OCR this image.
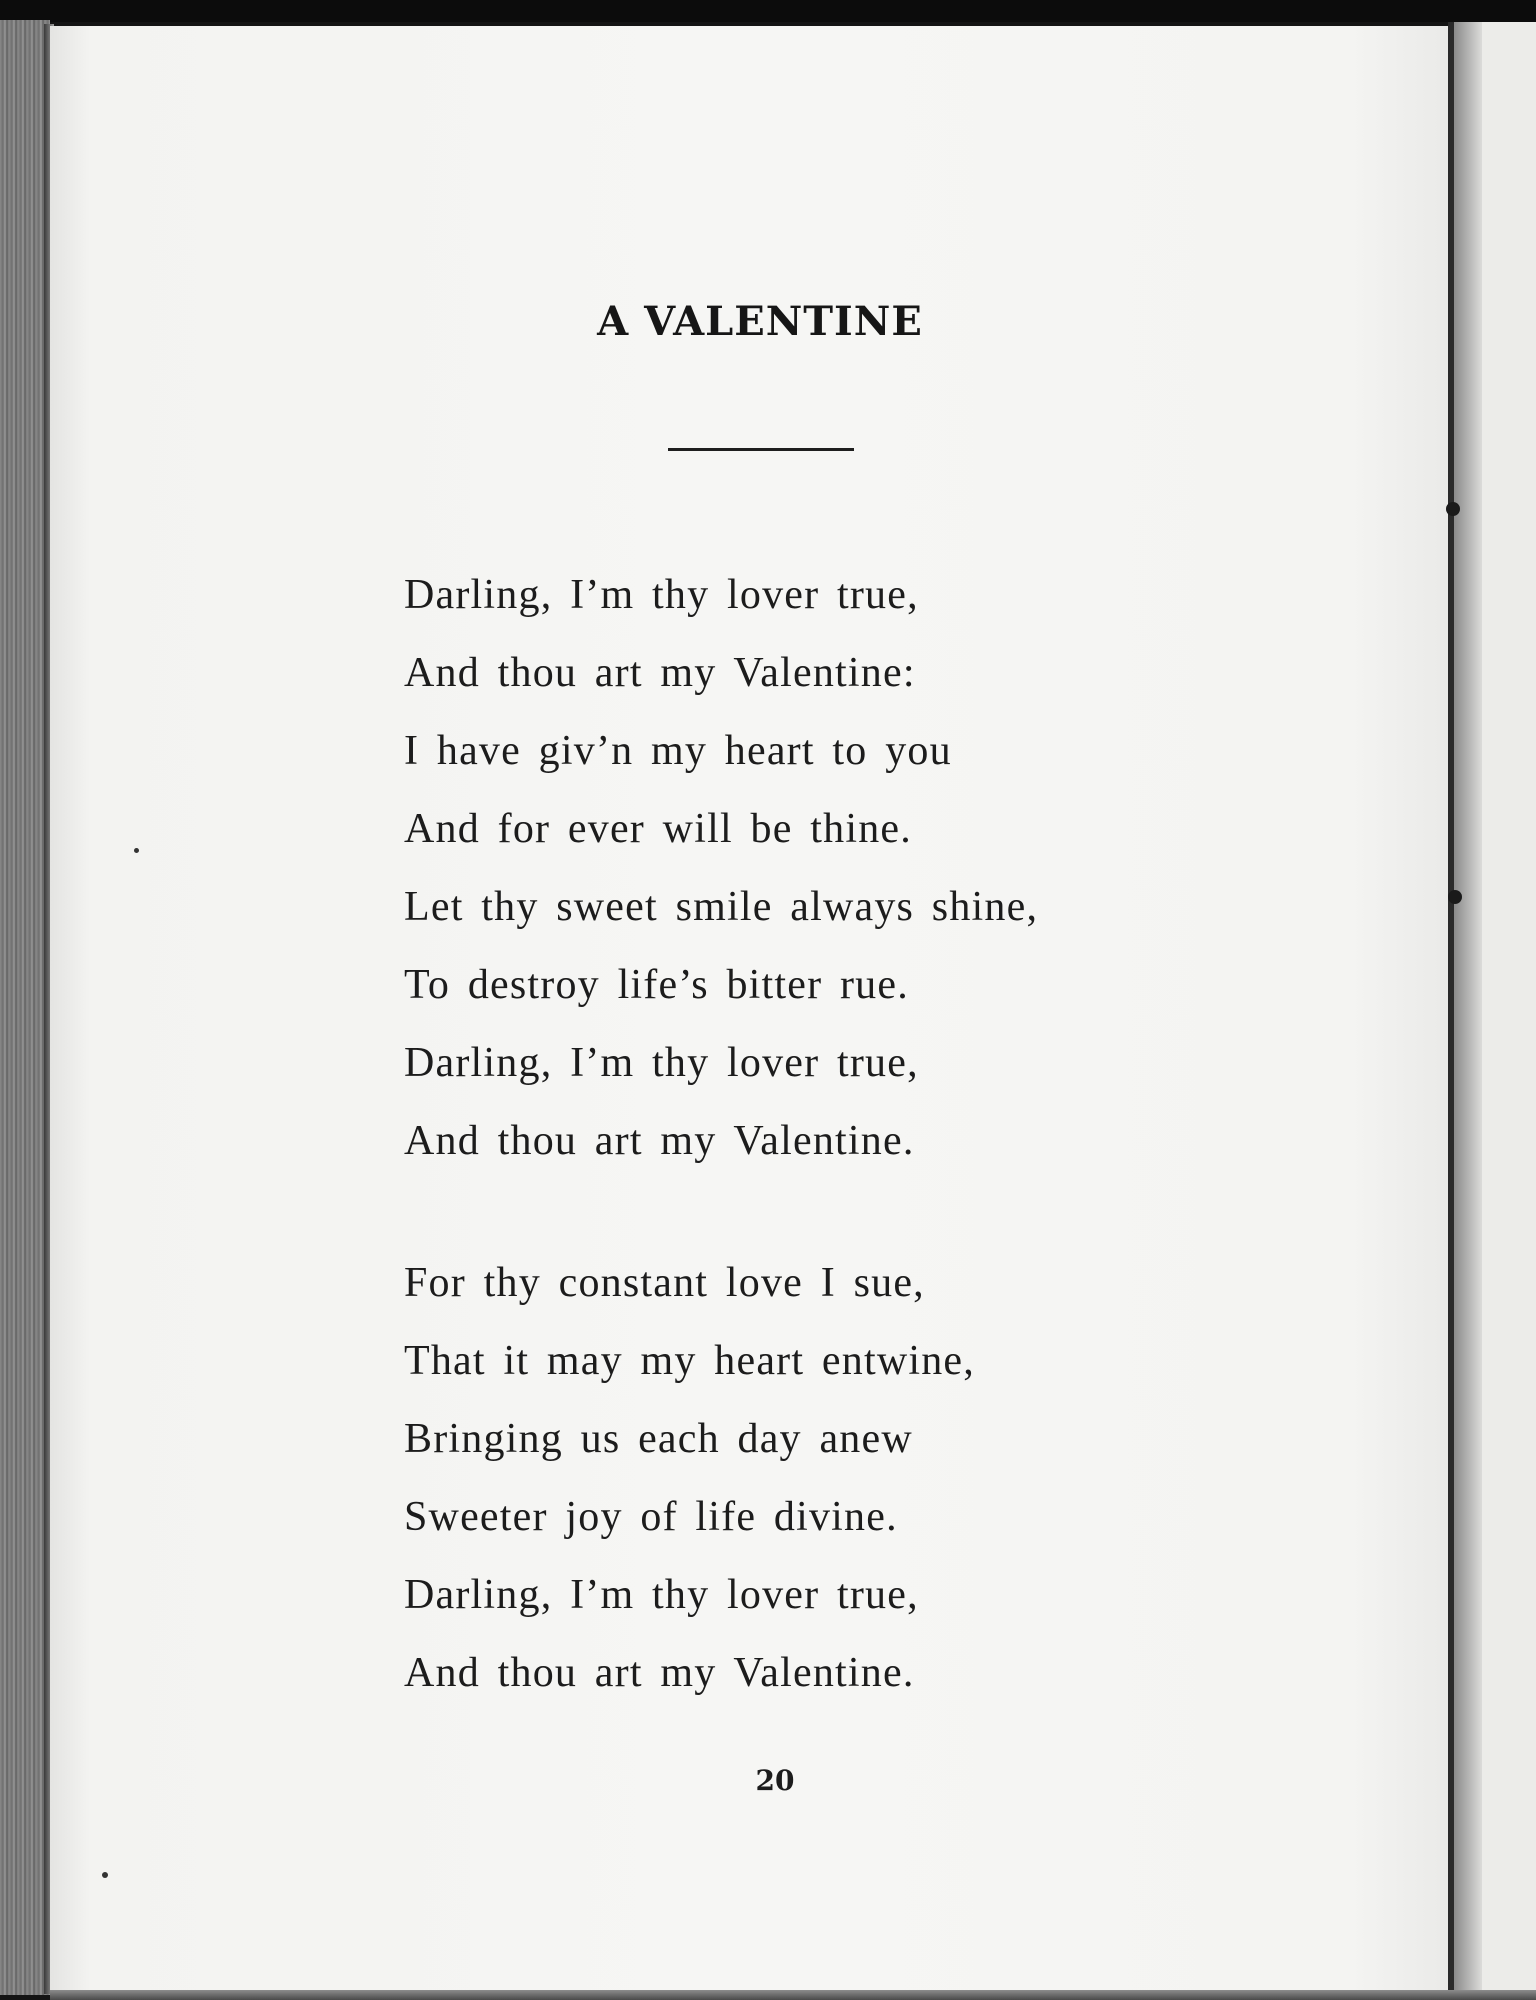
A VALENTINE
Darling, I’m thy lover true,
And thou art my Valentine:
I have giv’n my heart to you
And for ever will be thine.
Let thy sweet smile always shine,
To destroy life’s bitter rue.
Darling, I’m thy lover true,
And thou art my Valentine.
For thy constant love I sue,
That it may my heart entwine,
Bringing us each day anew
Sweeter joy of life divine.
Darling, I’m thy lover true,
And thou art my Valentine.
20
